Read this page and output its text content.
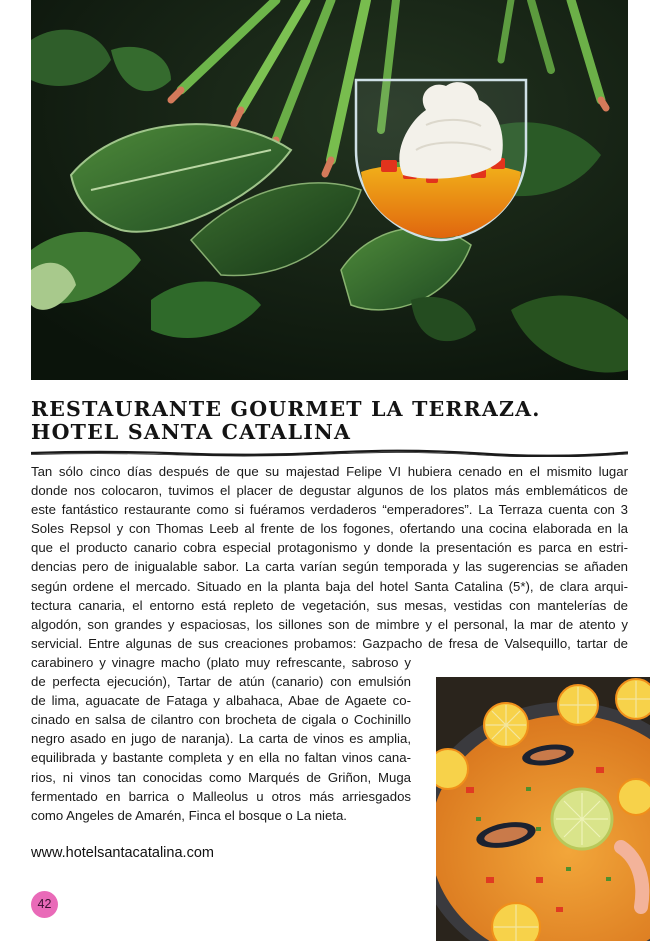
RESTAURANTE GOURMET LA TERRAZA.
HOTEL SANTA CATALINA
Tan sólo cinco días después de que su majestad Felipe VI hubiera cenado en el mismito lugar
donde nos colocaron, tuvimos el placer de degustar algunos de los platos más emblemáticos de
este fantástico restaurante como si fuéramos verdaderos “emperadores”. La Terraza cuenta con 3
Soles Repsol y con Thomas Leeb al frente de los fogones, ofertando una cocina elaborada en la
que el producto canario cobra especial protagonismo y donde la presentación es parca en estri-
dencias pero de inigualable sabor. La carta varían según temporada y las sugerencias se añaden
según ordene el mercado. Situado en la planta baja del hotel Santa Catalina (5*), de clara arqui-
tectura canaria, el entorno está repleto de vegetación, sus mesas, vestidas con mantelerías de
algodón, son grandes y espaciosas, los sillones son de mimbre y el personal, la mar de atento y
servicial. Entre algunas de sus creaciones probamos: Gazpacho de fresa de Valsequillo, tartar de
carabinero y vinagre macho (plato muy refrescante, sabroso y
de perfecta ejecución), Tartar de atún (canario) con emulsión
de lima, aguacate de Fataga y albahaca, Abae de Agaete co-
cinado en salsa de cilantro con brocheta de cigala o Cochinillo
negro asado en jugo de naranja). La carta de vinos es amplia,
equilibrada y bastante completa y en ella no faltan vinos cana-
rios, ni vinos tan conocidas como Marqués de Griñon, Muga
fermentado en barrica o Malleolus u otros más arriesgados
como Angeles de Amarén, Finca el bosque o La nieta.
www.hotelsantacatalina.com
42
